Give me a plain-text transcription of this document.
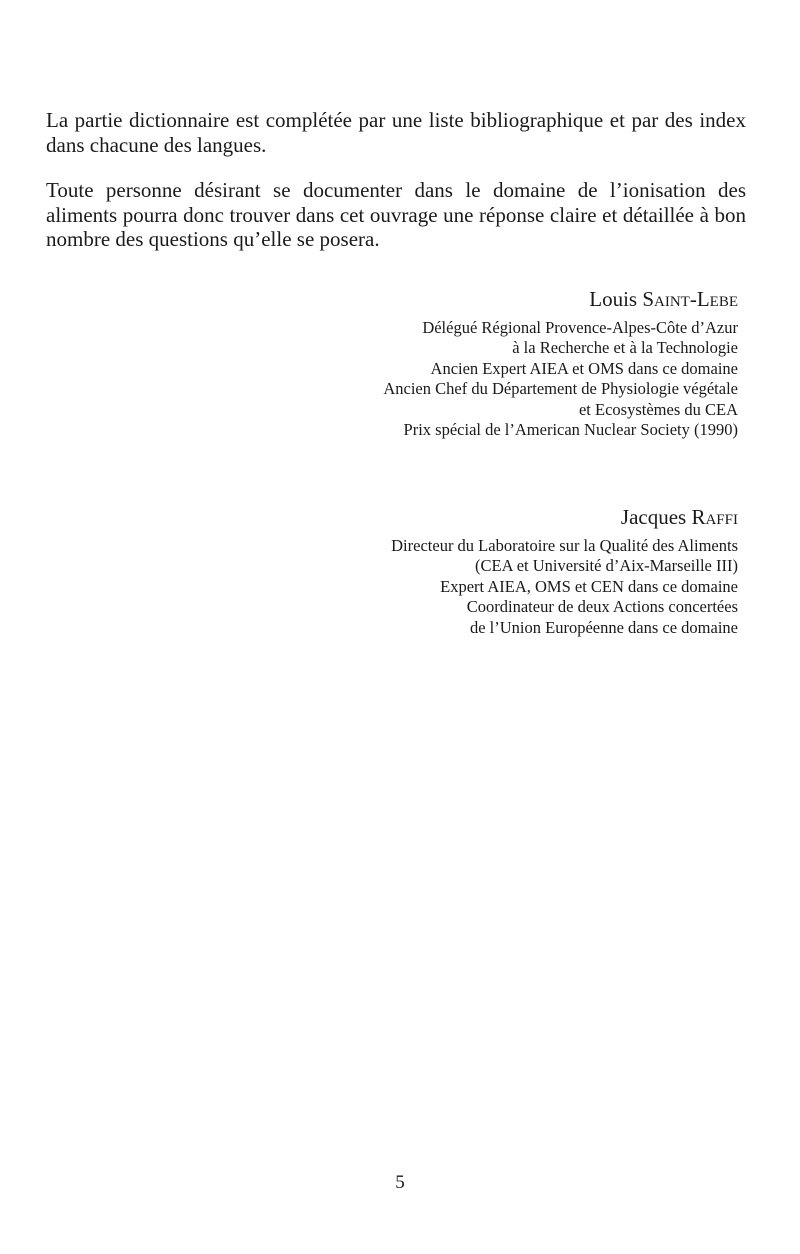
La partie dictionnaire est complétée par une liste bibliographique et par des index dans chacune des langues.

Toute personne désirant se documenter dans le domaine de l’ionisation des aliments pourra donc trouver dans cet ouvrage une réponse claire et détaillée à bon nombre des questions qu’elle se posera.

Louis Saint-Lebe

Délégué Régional Provence-Alpes-Côte d’Azur
à la Recherche et à la Technologie
Ancien Expert AIEA et OMS dans ce domaine
Ancien Chef du Département de Physiologie végétale
et Ecosystèmes du CEA
Prix spécial de l’American Nuclear Society (1990)

Jacques Raffi

Directeur du Laboratoire sur la Qualité des Aliments
(CEA et Université d’Aix-Marseille III)
Expert AIEA, OMS et CEN dans ce domaine
Coordinateur de deux Actions concertées
de l’Union Européenne dans ce domaine
5
